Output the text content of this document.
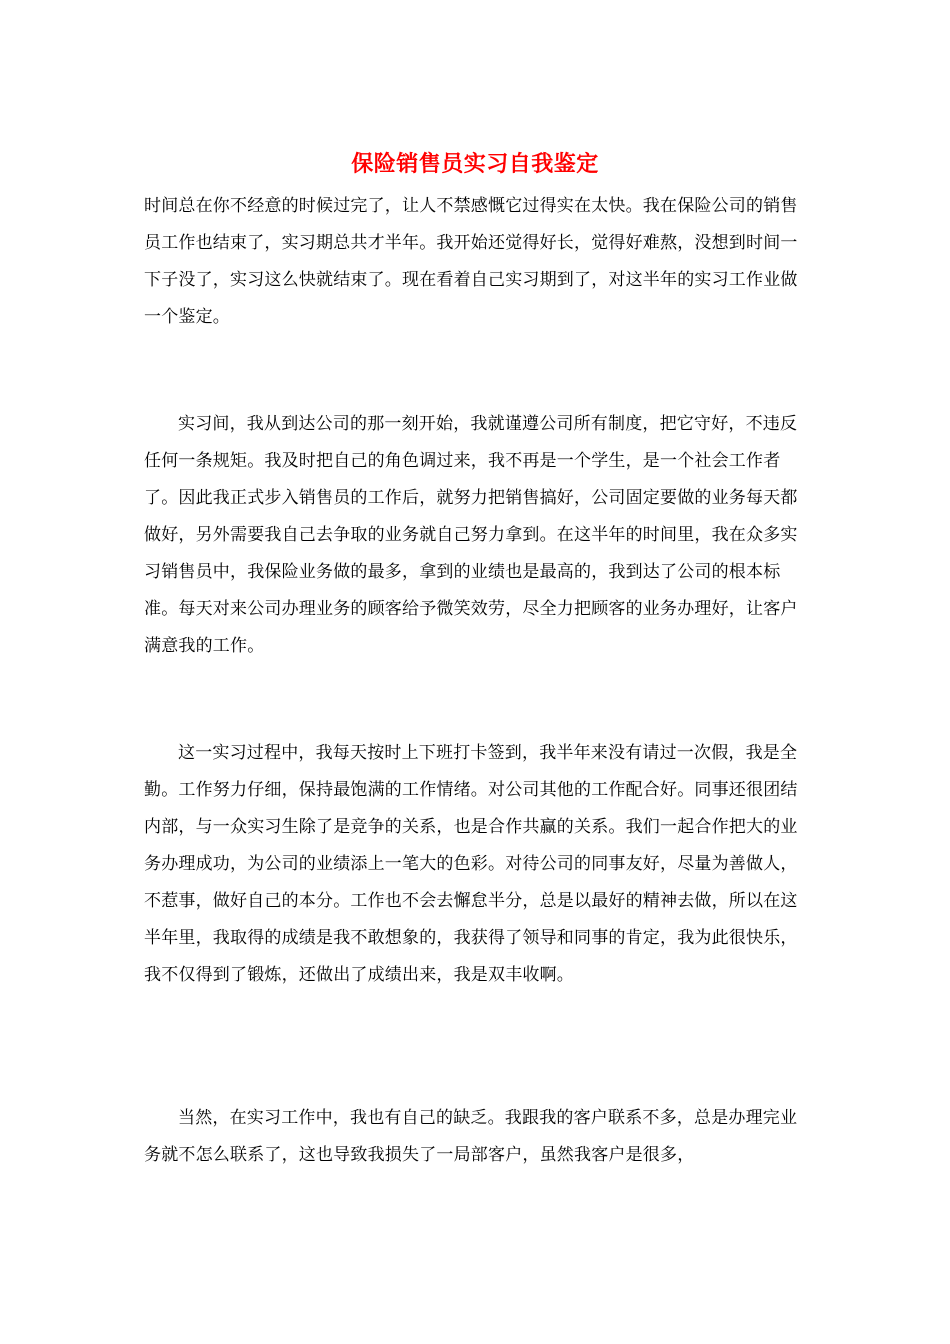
保险销售员实习自我鉴定
时间总在你不经意的时候过完了，让人不禁感慨它过得实在太快。我在保险公司的销售员工作也结束了，实习期总共才半年。我开始还觉得好长，觉得好难熬，没想到时间一下子没了，实习这么快就结束了。现在看着自己实习期到了，对这半年的实习工作业做一个鉴定。
实习间，我从到达公司的那一刻开始，我就谨遵公司所有制度，把它守好，不违反任何一条规矩。我及时把自己的角色调过来，我不再是一个学生，是一个社会工作者了。因此我正式步入销售员的工作后，就努力把销售搞好，公司固定要做的业务每天都做好，另外需要我自己去争取的业务就自己努力拿到。在这半年的时间里，我在众多实习销售员中，我保险业务做的最多，拿到的业绩也是最高的，我到达了公司的根本标准。每天对来公司办理业务的顾客给予微笑效劳，尽全力把顾客的业务办理好，让客户满意我的工作。
这一实习过程中，我每天按时上下班打卡签到，我半年来没有请过一次假，我是全勤。工作努力仔细，保持最饱满的工作情绪。对公司其他的工作配合好。同事还很团结内部，与一众实习生除了是竞争的关系，也是合作共赢的关系。我们一起合作把大的业务办理成功，为公司的业绩添上一笔大的色彩。对待公司的同事友好，尽量为善做人，不惹事，做好自己的本分。工作也不会去懈怠半分，总是以最好的精神去做，所以在这半年里，我取得的成绩是我不敢想象的，我获得了领导和同事的肯定，我为此很快乐，我不仅得到了锻炼，还做出了成绩出来，我是双丰收啊。
当然，在实习工作中，我也有自己的缺乏。我跟我的客户联系不多，总是办理完业务就不怎么联系了，这也导致我损失了一局部客户，虽然我客户是很多，
